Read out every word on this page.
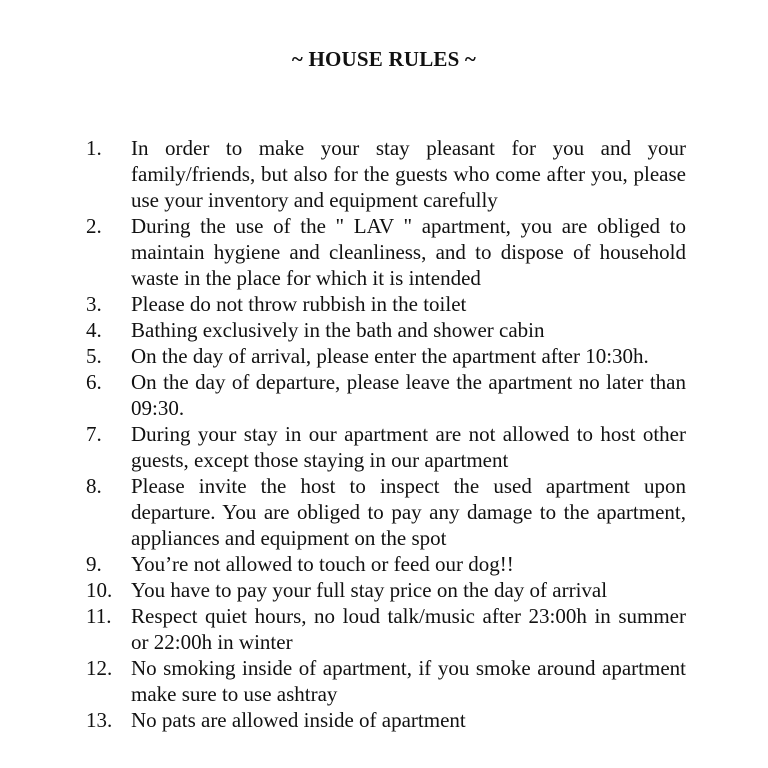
~ HOUSE RULES ~
1.	In order to make your stay pleasant for you and your family/friends, but also for the guests who come after you, please use your inventory and equipment carefully
2.	During the use of the " LAV " apartment, you are obliged to maintain hygiene and cleanliness, and to dispose of household waste in the place for which it is intended
3.	Please do not throw rubbish in the toilet
4.	Bathing exclusively in the bath and shower cabin
5.	On the day of arrival, please enter the apartment after 10:30h.
6.	On the day of departure, please leave the apartment no later than 09:30.
7.	During your stay in our apartment are not allowed to host other guests, except those staying in our apartment
8.	Please invite the host to inspect the used apartment upon departure. You are obliged to pay any damage to the apartment, appliances and equipment on the spot
9.	You’re not allowed to touch or feed our dog!!
10. You have to pay your full stay price on the day of arrival
11. Respect quiet hours, no loud talk/music after 23:00h in summer or 22:00h in winter
12. No smoking inside of apartment, if you smoke around apartment make sure to use ashtray
13. No pats are allowed inside of apartment
